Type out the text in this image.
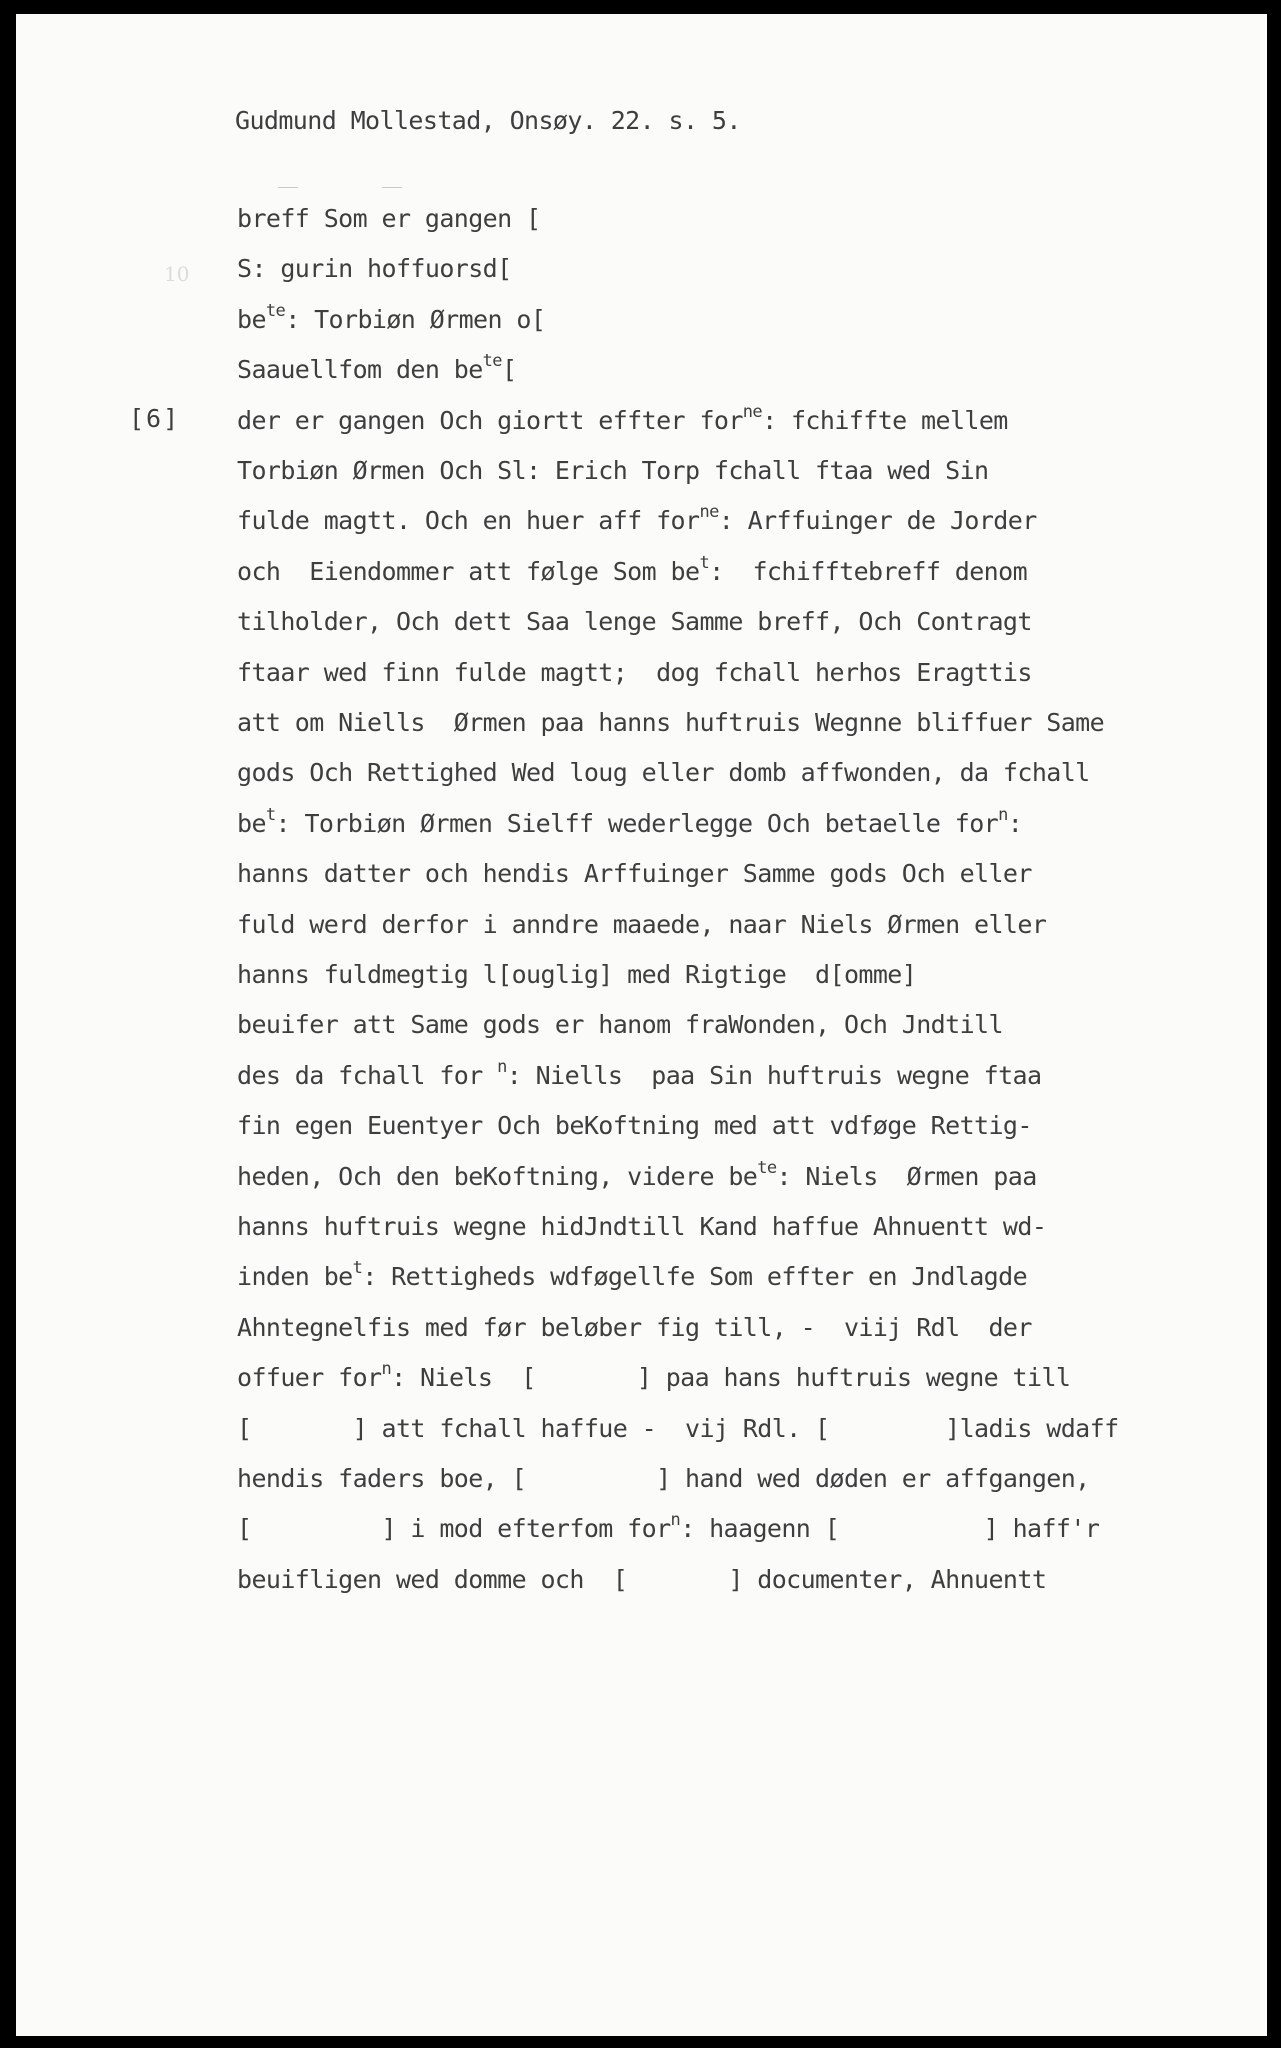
Gudmund Mollestad, Onsøy. 22. s. 5.
10
[6]
breff Som er gangen [
S: gurin hoffuorsd[
$be^{te}$: Torbiøn Ørmen o[
Saauellfom den $be^{te}$[
der er gangen Och giortt effter for$^{ne}$: fchiffte mellem
Torbiøn Ørmen Och Sl: Erich Torp fchall ftaa wed Sin
fulde magtt. Och en huer aff for$^{ne}$: Arffuinger de Jorder
och  Eiendommer att følge Som $be^t$:  fchifftebreff denom
tilholder, Och dett Saa lenge Samme breff, Och Contragt
ftaar wed finn fulde magtt;  dog fchall herhos Eragttis
att om Niells  Ørmen paa hanns huftruis Wegnne bliffuer Same
gods Och Rettighed Wed loug eller domb affwonden, da fchall
$be^t$: Torbiøn Ørmen Sielff wederlegge Och betaelle for$^n$:
hanns datter och hendis Arffuinger Samme gods Och eller
fuld werd derfor i anndre maaede, naar Niels Ørmen eller
hanns fuldmegtig l[ouglig] med Rigtige  d[omme]
beuifer att Same gods er hanom fraWonden, Och Jndtill
des da fchall for $^n$: Niells  paa Sin huftruis wegne ftaa
fin egen Euentyer Och beKoftning med att vdføge Rettig-
heden, Och den beKoftning, videre $be^{te}$: Niels  Ørmen paa
hanns huftruis wegne hidJndtill Kand haffue Ahnuentt wd-
inden $be^t$: Rettigheds wdføgellfe Som effter en Jndlagde
Ahntegnelfis med før beløber fig till, -  viij Rdl  der
offuer for$^n$: Niels  [       ] paa hans huftruis wegne till
[       ] att fchall haffue -  vij Rdl. [        ]ladis wdaff
hendis faders boe, [         ] hand wed døden er affgangen,
[         ] i mod efterfom for$^n$: haagenn [          ] haff'r
beuifligen wed domme och  [       ] documenter, Ahnuentt
